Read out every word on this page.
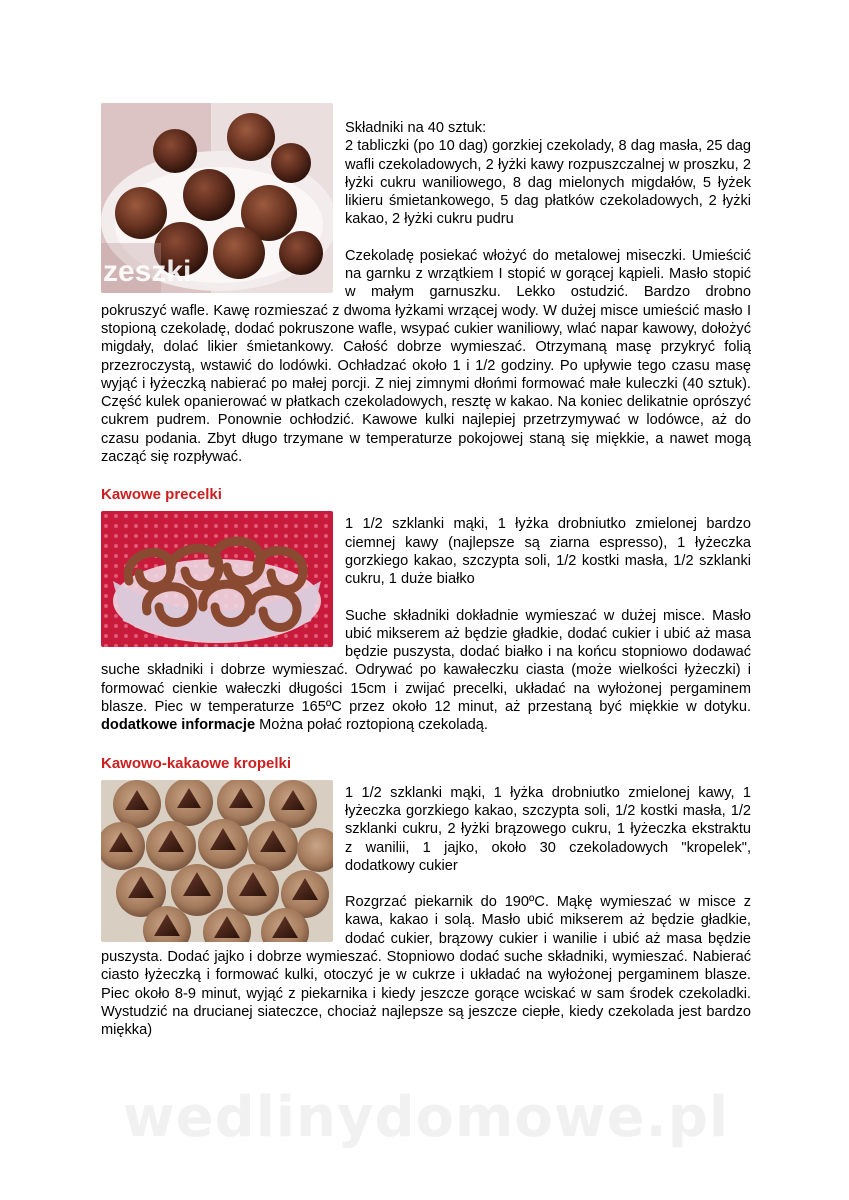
zeszki

Składniki na 40 sztuk:

2 tabliczki (po 10 dag) gorzkiej czekolady, 8 dag masła, 25 dag wafli czekoladowych, 2 łyżki kawy rozpuszczalnej w proszku, 2 łyżki cukru waniliowego, 8 dag mielonych migdałów, 5 łyżek likieru śmietankowego, 5 dag płatków czekoladowych, 2 łyżki kakao, 2 łyżki cukru pudru

Czekoladę posiekać włożyć do metalowej miseczki. Umieścić na garnku z wrzątkiem I stopić w gorącej kąpieli. Masło stopić w małym garnuszku. Lekko ostudzić. Bardzo drobno pokruszyć wafle. Kawę rozmieszać z dwoma łyżkami wrzącej wody. W dużej misce umieścić masło I stopioną czekoladę, dodać pokruszone wafle, wsypać cukier waniliowy, wlać napar kawowy, dołożyć migdały, dolać likier śmietankowy. Całość dobrze wymieszać. Otrzymaną masę przykryć folią przezroczystą, wstawić do lodówki. Ochładzać około 1 i 1/2 godziny. Po upływie tego czasu masę wyjąć i łyżeczką nabierać po małej porcji. Z niej zimnymi dłońmi formować małe kuleczki (40 sztuk). Część kulek opanierować w płatkach czekoladowych, resztę w kakao. Na koniec delikatnie oprószyć cukrem pudrem. Ponownie ochłodzić. Kawowe kulki najlepiej przetrzymywać w lodówce, aż do czasu podania. Zbyt długo trzymane w temperaturze pokojowej staną się miękkie, a nawet mogą zacząć się rozpływać.

Kawowe precelki

1 1/2 szklanki mąki, 1 łyżka drobniutko zmielonej bardzo ciemnej kawy (najlepsze są ziarna espresso), 1 łyżeczka gorzkiego kakao, szczypta soli, 1/2 kostki masła, 1/2 szklanki cukru, 1 duże białko

Suche składniki dokładnie wymieszać w dużej misce. Masło ubić mikserem aż będzie gładkie, dodać cukier i ubić aż masa będzie puszysta, dodać białko i na końcu stopniowo dodawać suche składniki i dobrze wymieszać. Odrywać po kawałeczku ciasta (może wielkości łyżeczki) i formować cienkie wałeczki długości 15cm i zwijać precelki, układać na wyłożonej pergaminem blasze. Piec w temperaturze 165ºC przez około 12 minut, aż przestaną być miękkie w dotyku. dodatkowe informacje Można połać roztopioną czekoladą.

Kawowo-kakaowe kropelki

1 1/2 szklanki mąki, 1 łyżka drobniutko zmielonej kawy, 1 łyżeczka gorzkiego kakao, szczypta soli, 1/2 kostki masła, 1/2 szklanki cukru, 2 łyżki brązowego cukru, 1 łyżeczka ekstraktu z wanilii, 1 jajko, około 30 czekoladowych "kropelek", dodatkowy cukier

Rozgrzać piekarnik do 190ºC. Mąkę wymieszać w misce z kawa, kakao i solą. Masło ubić mikserem aż będzie gładkie, dodać cukier, brązowy cukier i wanilie i ubić aż masa będzie puszysta. Dodać jajko i dobrze wymieszać. Stopniowo dodać suche składniki, wymieszać. Nabierać ciasto łyżeczką i formować kulki, otoczyć je w cukrze i układać na wyłożonej pergaminem blasze. Piec około 8-9 minut, wyjąć z piekarnika i kiedy jeszcze gorące wciskać w sam środek czekoladki. Wystudzić na drucianej siateczce, chociaż najlepsze są jeszcze ciepłe, kiedy czekolada jest bardzo miękka)

wedlinydomowe.pl
